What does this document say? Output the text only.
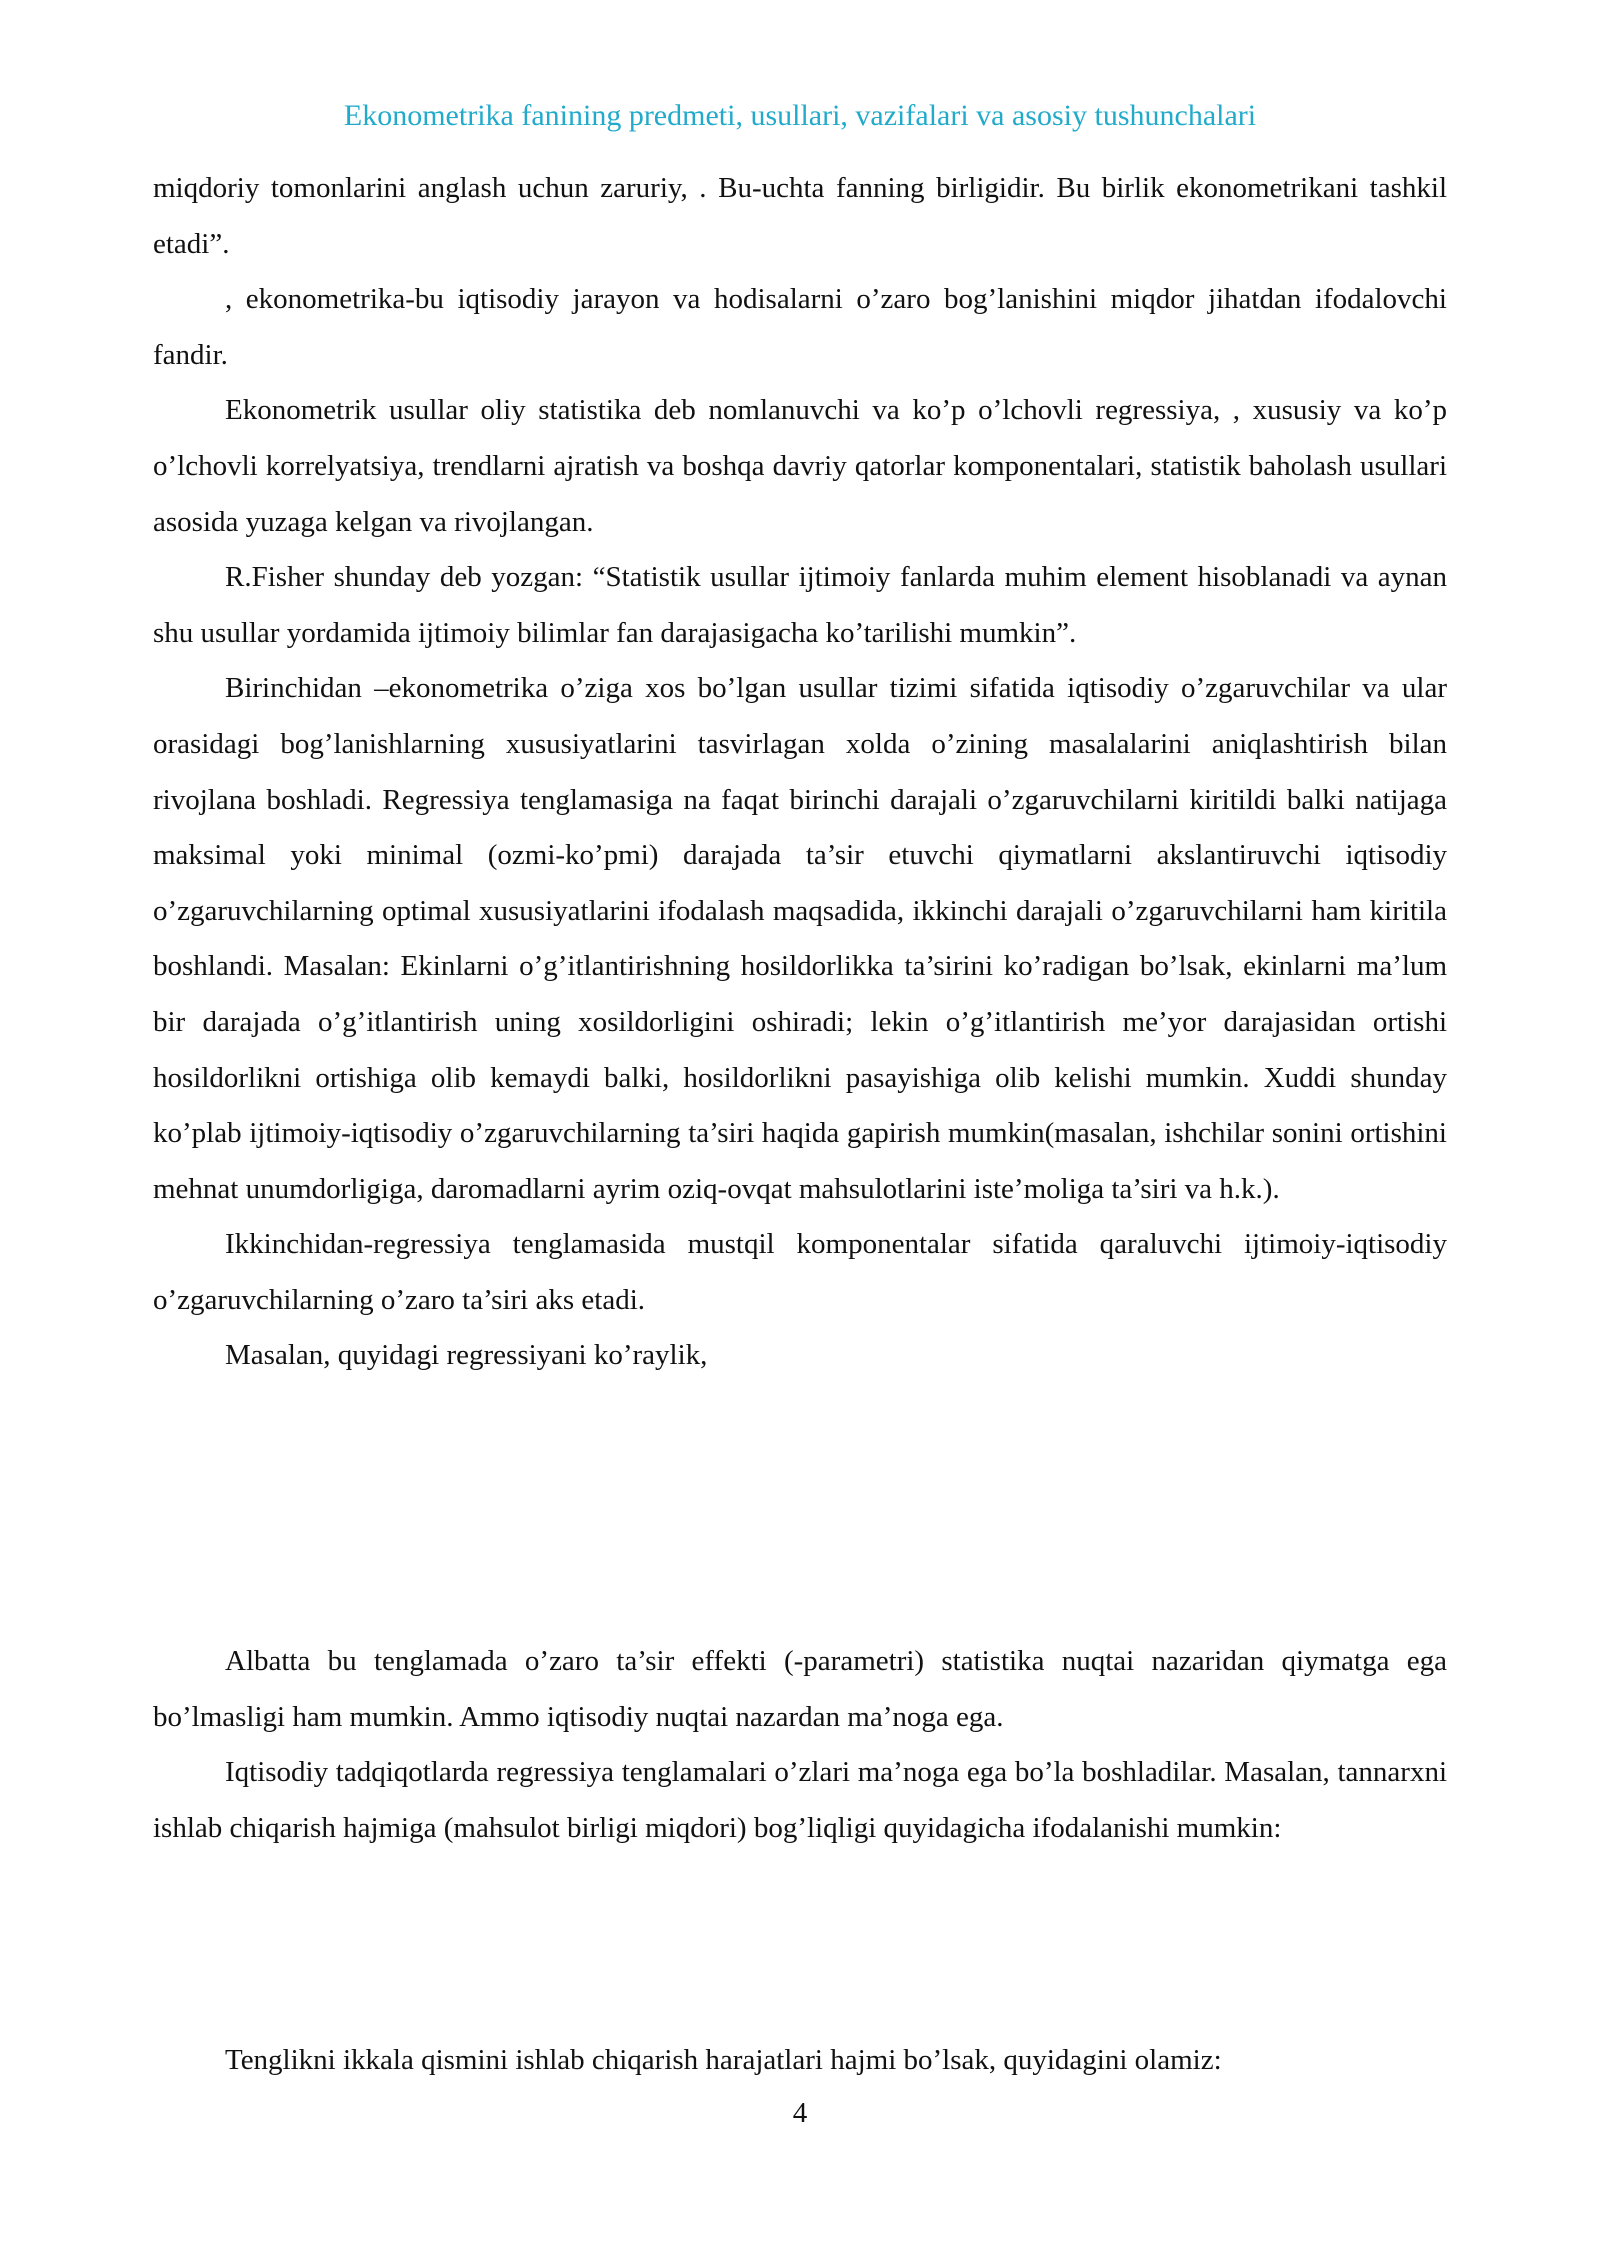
Ekonometrika fanining predmeti, usullari, vazifalari va asosiy tushunchalari

miqdoriy tomonlarini anglash uchun zaruriy, . Bu-uchta fanning birligidir. Bu birlik ekonometrikani tashkil etadi”.

, ekonometrika-bu iqtisodiy jarayon va hodisalarni o’zaro bog’lanishini miqdor jihatdan ifodalovchi fandir.

Ekonometrik usullar oliy statistika deb nomlanuvchi va ko’p o’lchovli regressiya, , xususiy va ko’p o’lchovli korrelyatsiya, trendlarni ajratish va boshqa davriy qatorlar komponentalari, statistik baholash usullari asosida yuzaga kelgan va rivojlangan.

R.Fisher shunday deb yozgan: “Statistik usullar ijtimoiy fanlarda muhim element hisoblanadi va aynan shu usullar yordamida ijtimoiy bilimlar fan darajasigacha ko’tarilishi mumkin”.

Birinchidan –ekonometrika o’ziga xos bo’lgan usullar tizimi sifatida iqtisodiy o’zgaruvchilar va ular orasidagi bog’lanishlarning xususiyatlarini tasvirlagan xolda o’zining masalalarini aniqlashtirish bilan rivojlana boshladi. Regressiya tenglamasiga na faqat birinchi darajali o’zgaruvchilarni kiritildi balki natijaga maksimal yoki minimal (ozmi-ko’pmi) darajada ta’sir etuvchi qiymatlarni akslantiruvchi iqtisodiy o’zgaruvchilarning optimal xususiyatlarini ifodalash maqsadida, ikkinchi darajali o’zgaruvchilarni ham kiritila boshlandi. Masalan: Ekinlarni o’g’itlantirishning hosildorlikka ta’sirini ko’radigan bo’lsak, ekinlarni ma’lum bir darajada o’g’itlantirish uning xosildorligini oshiradi; lekin o’g’itlantirish me’yor darajasidan ortishi hosildorlikni ortishiga olib kemaydi balki, hosildorlikni pasayishiga olib kelishi mumkin. Xuddi shunday ko’plab ijtimoiy-iqtisodiy o’zgaruvchilarning ta’siri haqida gapirish mumkin(masalan, ishchilar sonini ortishini mehnat unumdorligiga, daromadlarni ayrim oziq-ovqat mahsulotlarini iste’moliga ta’siri va h.k.).

Ikkinchidan-regressiya tenglamasida mustqil komponentalar sifatida qaraluvchi ijtimoiy-iqtisodiy o’zgaruvchilarning o’zaro ta’siri aks etadi.

Masalan, quyidagi regressiyani ko’raylik,

Albatta bu tenglamada o’zaro ta’sir effekti (-parametri) statistika nuqtai nazaridan qiymatga ega bo’lmasligi ham mumkin. Ammo iqtisodiy nuqtai nazardan ma’noga ega.

Iqtisodiy tadqiqotlarda regressiya tenglamalari o’zlari ma’noga ega bo’la boshladilar. Masalan, tannarxni ishlab chiqarish hajmiga (mahsulot birligi miqdori) bog’liqligi quyidagicha ifodalanishi mumkin:

Tenglikni ikkala qismini ishlab chiqarish harajatlari hajmi bo’lsak, quyidagini olamiz:

4
